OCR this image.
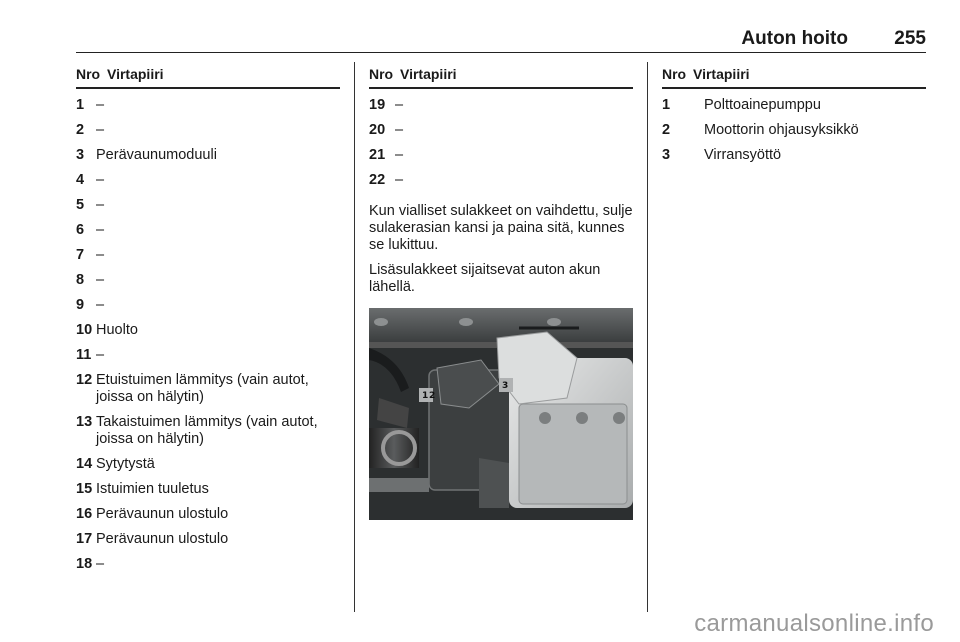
Auton hoito 255
Nro Virtapiiri
1 –
2 –
3 Perävaunumoduuli
4 –
5 –
6 –
7 –
8 –
9 –
10 Huolto
11 –
12 Etuistuimen lämmitys (vain autot, joissa on hälytin)
13 Takaistuimen lämmitys (vain autot, joissa on hälytin)
14 Sytytystä
15 Istuimien tuuletus
16 Perävaunun ulostulo
17 Perävaunun ulostulo
18 –
Nro Virtapiiri
19 –
20 –
21 –
22 –
Kun vialliset sulakkeet on vaihdettu, sulje sulakerasian kansi ja paina sitä, kunnes se lukittuu.
Lisäsulakkeet sijaitsevat auton akun lähellä.
1 2
3
Nro Virtapiiri
1	Polttoainepumppu
2	Moottorin ohjausyksikkö
3	Virransyöttö
carmanualsonline.info
